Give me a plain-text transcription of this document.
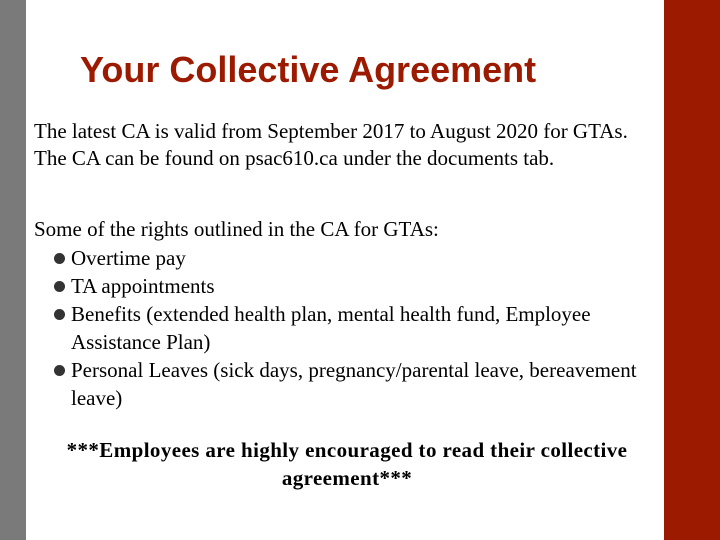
Your Collective Agreement

The latest CA is valid from September 2017 to August 2020 for GTAs. The CA can be found on psac610.ca under the documents tab.

Some of the rights outlined in the CA for GTAs:

Overtime pay
TA appointments
Benefits (extended health plan, mental health fund, Employee Assistance Plan)
Personal Leaves (sick days, pregnancy/parental leave, bereavement leave)

***Employees are highly encouraged to read their collective agreement***
